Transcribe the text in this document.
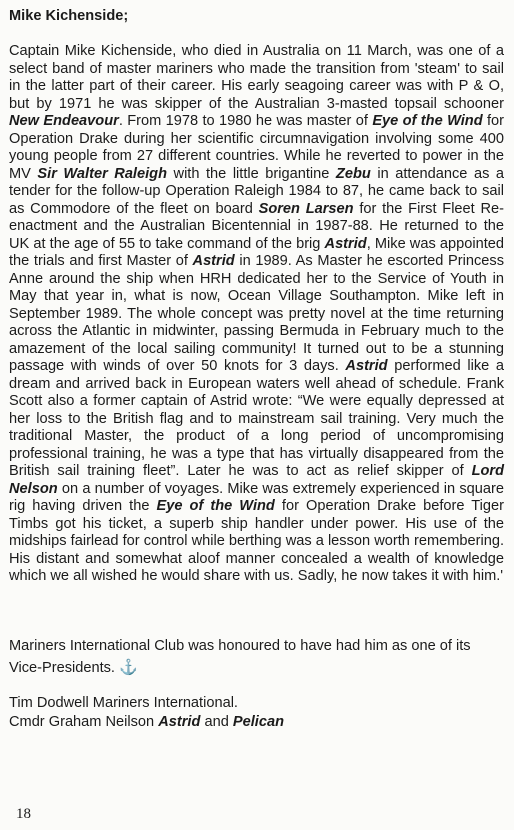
Mike Kichenside;
Captain Mike Kichenside, who died in Australia on 11 March, was one of a select band of master mariners who made the transition from 'steam' to sail in the latter part of their career. His early seagoing career was with P & O, but by 1971 he was skipper of the Australian 3-masted topsail schooner New Endeavour. From 1978 to 1980 he was master of Eye of the Wind for Operation Drake during her scientific circumnavigation involving some 400 young people from 27 different countries. While he reverted to power in the MV Sir Walter Raleigh with the little brigantine Zebu in attendance as a tender for the follow-up Operation Raleigh 1984 to 87, he came back to sail as Commodore of the fleet on board Soren Larsen for the First Fleet Re-enactment and the Australian Bicentennial in 1987-88. He returned to the UK at the age of 55 to take command of the brig Astrid, Mike was appointed the trials and first Master of Astrid in 1989. As Master he escorted Princess Anne around the ship when HRH dedicated her to the Service of Youth in May that year in, what is now, Ocean Village Southampton. Mike left in September 1989. The whole concept was pretty novel at the time returning across the Atlantic in midwinter, passing Bermuda in February much to the amazement of the local sailing community! It turned out to be a stunning passage with winds of over 50 knots for 3 days. Astrid performed like a dream and arrived back in European waters well ahead of schedule. Frank Scott also a former captain of Astrid wrote: “We were equally depressed at her loss to the British flag and to mainstream sail training. Very much the traditional Master, the product of a long period of uncompromising professional training, he was a type that has virtually disappeared from the British sail training fleet”. Later he was to act as relief skipper of Lord Nelson on a number of voyages. Mike was extremely experienced in square rig having driven the Eye of the Wind for Operation Drake before Tiger Timbs got his ticket, a superb ship handler under power. His use of the midships fairlead for control while berthing was a lesson worth remembering. His distant and somewhat aloof manner concealed a wealth of knowledge which we all wished he would share with us. Sadly, he now takes it with him.'
Mariners International Club was honoured to have had him as one of its Vice-Presidents. ⚓
Tim Dodwell Mariners International.
Cmdr Graham Neilson Astrid and Pelican
18
